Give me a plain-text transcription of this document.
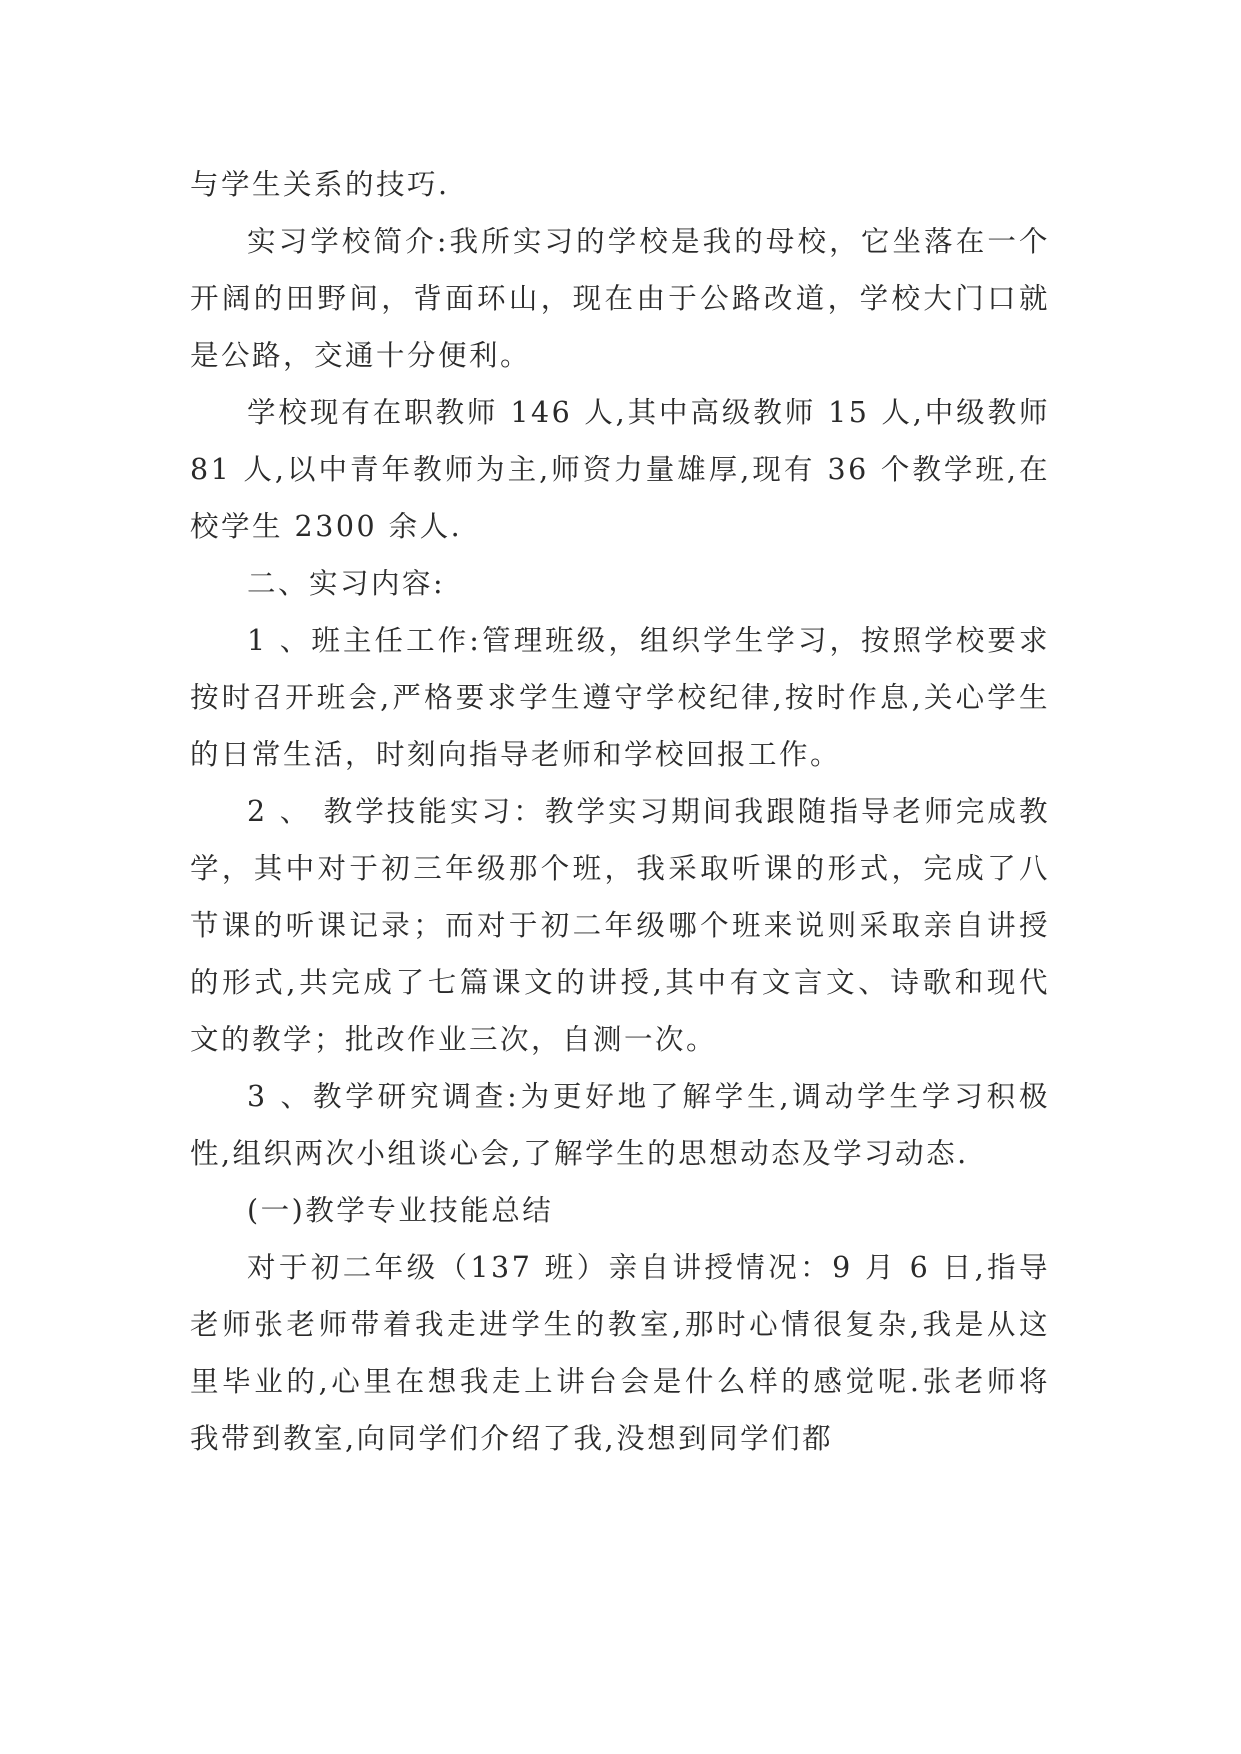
与学生关系的技巧.

实习学校简介:我所实习的学校是我的母校，它坐落在一个开阔的田野间，背面环山，现在由于公路改道，学校大门口就是公路，交通十分便利。

学校现有在职教师 146 人,其中高级教师 15 人,中级教师 81 人,以中青年教师为主,师资力量雄厚,现有 36 个教学班,在校学生 2300 余人.

二、实习内容:

1 、班主任工作:管理班级，组织学生学习，按照学校要求按时召开班会,严格要求学生遵守学校纪律,按时作息,关心学生的日常生活，时刻向指导老师和学校回报工作。

2 、 教学技能实习：教学实习期间我跟随指导老师完成教学，其中对于初三年级那个班，我采取听课的形式，完成了八节课的听课记录；而对于初二年级哪个班来说则采取亲自讲授的形式,共完成了七篇课文的讲授,其中有文言文、诗歌和现代文的教学；批改作业三次，自测一次。

3 、教学研究调查:为更好地了解学生,调动学生学习积极性,组织两次小组谈心会,了解学生的思想动态及学习动态.

(一)教学专业技能总结

对于初二年级（137 班）亲自讲授情况：9 月 6 日,指导老师张老师带着我走进学生的教室,那时心情很复杂,我是从这里毕业的,心里在想我走上讲台会是什么样的感觉呢.张老师将我带到教室,向同学们介绍了我,没想到同学们都
